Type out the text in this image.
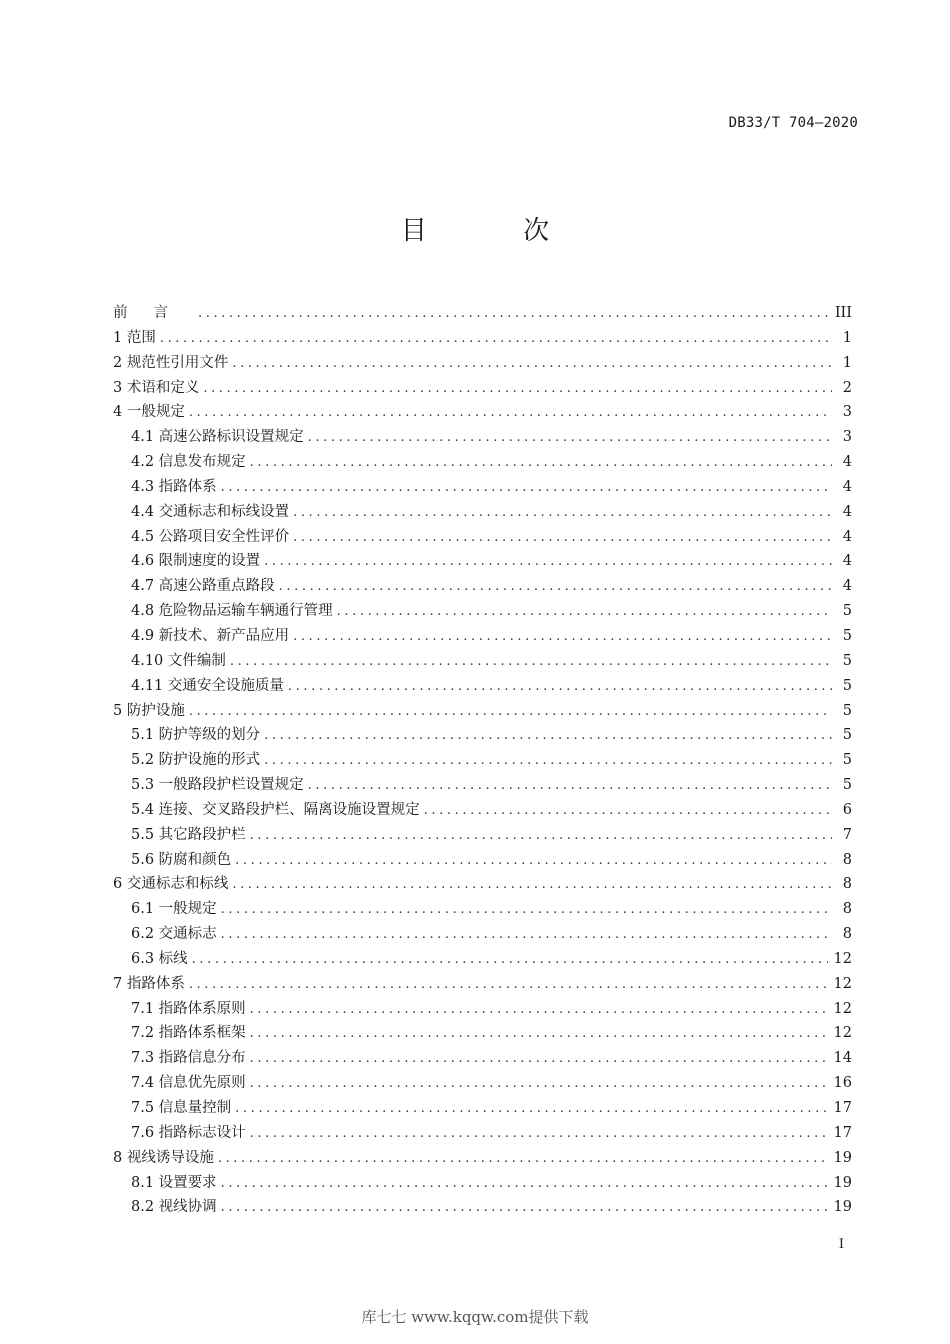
DB33/T 704—2020
目 次
前言 .....	III
1 范围 .....	1
2 规范性引用文件 .....	1
3 术语和定义 .....	2
4 一般规定 .....	3
4.1 高速公路标识设置规定 .....	3
4.2 信息发布规定 .....	4
4.3 指路体系 .....	4
4.4 交通标志和标线设置 .....	4
4.5 公路项目安全性评价 .....	4
4.6 限制速度的设置 .....	4
4.7 高速公路重点路段 .....	4
4.8 危险物品运输车辆通行管理 .....	5
4.9 新技术、新产品应用 .....	5
4.10 文件编制 .....	5
4.11 交通安全设施质量 .....	5
5 防护设施 .....	5
5.1 防护等级的划分 .....	5
5.2 防护设施的形式 .....	5
5.3 一般路段护栏设置规定 .....	5
5.4 连接、交叉路段护栏、隔离设施设置规定 .....	6
5.5 其它路段护栏 .....	7
5.6 防腐和颜色 .....	8
6 交通标志和标线 .....	8
6.1 一般规定 .....	8
6.2 交通标志 .....	8
6.3 标线 .....	12
7 指路体系 .....	12
7.1 指路体系原则 .....	12
7.2 指路体系框架 .....	12
7.3 指路信息分布 .....	14
7.4 信息优先原则 .....	16
7.5 信息量控制 .....	17
7.6 指路标志设计 .....	17
8 视线诱导设施 .....	19
8.1 设置要求 .....	19
8.2 视线协调 .....	19
I
库七七 www.kqqw.com提供下载
